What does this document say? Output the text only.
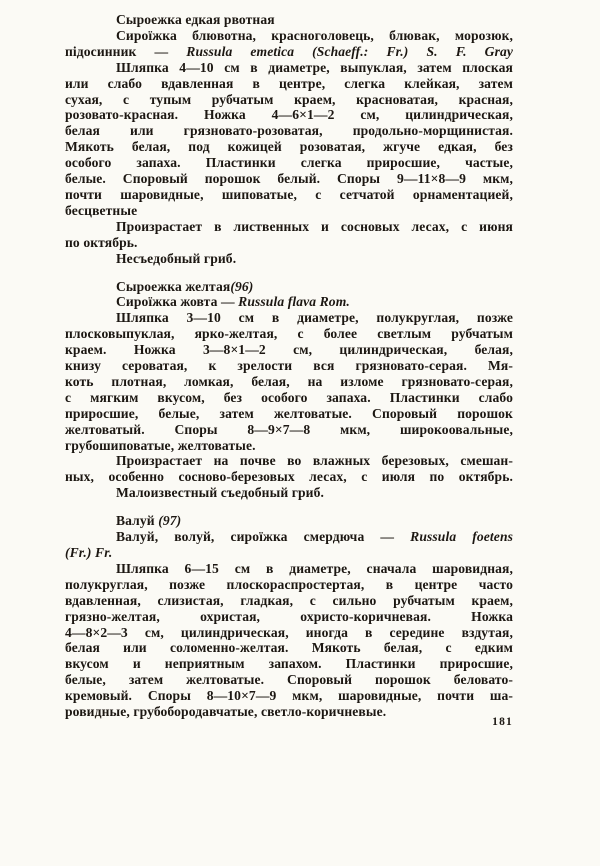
Сыроежка едкая рвотная
Сироїжка блювотна, красноголовець, блювак, морозюк,
підосинник — Russula emetica (Schaeff.: Fr.) S. F. Gray
Шляпка 4—10 см в диаметре, выпуклая, затем плоская
или слабо вдавленная в центре, слегка клейкая, затем
сухая, с тупым рубчатым краем, красноватая, красная,
розовато-красная. Ножка 4—6×1—2 см, цилиндрическая,
белая или грязновато-розоватая, продольно-морщинистая.
Мякоть белая, под кожицей розоватая, жгуче едкая, без
особого запаха. Пластинки слегка приросшие, частые,
белые. Споровый порошок белый. Споры 9—11×8—9 мкм,
почти шаровидные, шиповатые, с сетчатой орнаментацией,
бесцветные
Произрастает в лиственных и сосновых лесах, с июня
по октябрь.
Несъедобный гриб.
Сыроежка желтая(96)
Сироїжка жовта — Russula flava Rom.
Шляпка 3—10 см в диаметре, полукруглая, позже
плосковыпуклая, ярко-желтая, с более светлым рубчатым
краем. Ножка 3—8×1—2 см, цилиндрическая, белая,
книзу сероватая, к зрелости вся грязновато-серая. Мя-
коть плотная, ломкая, белая, на изломе грязновато-серая,
с мягким вкусом, без особого запаха. Пластинки слабо
приросшие, белые, затем желтоватые. Споровый порошок
желтоватый. Споры 8—9×7—8 мкм, широкоовальные,
грубошиповатые, желтоватые.
Произрастает на почве во влажных березовых, смешан-
ных, особенно сосново-березовых лесах, с июля по октябрь.
Малоизвестный съедобный гриб.
Валуй (97)
Валуй, волуй, сироїжка смердюча — Russula foetens
(Fr.) Fr.
Шляпка 6—15 см в диаметре, сначала шаровидная,
полукруглая, позже плоскораспростертая, в центре часто
вдавленная, слизистая, гладкая, с сильно рубчатым краем,
грязно-желтая, охристая, охристо-коричневая. Ножка
4—8×2—3 см, цилиндрическая, иногда в середине вздутая,
белая или соломенно-желтая. Мякоть белая, с едким
вкусом и неприятным запахом. Пластинки приросшие,
белые, затем желтоватые. Споровый порошок беловато-
кремовый. Споры 8—10×7—9 мкм, шаровидные, почти ша-
ровидные, грубобородавчатые, светло-коричневые.
181
